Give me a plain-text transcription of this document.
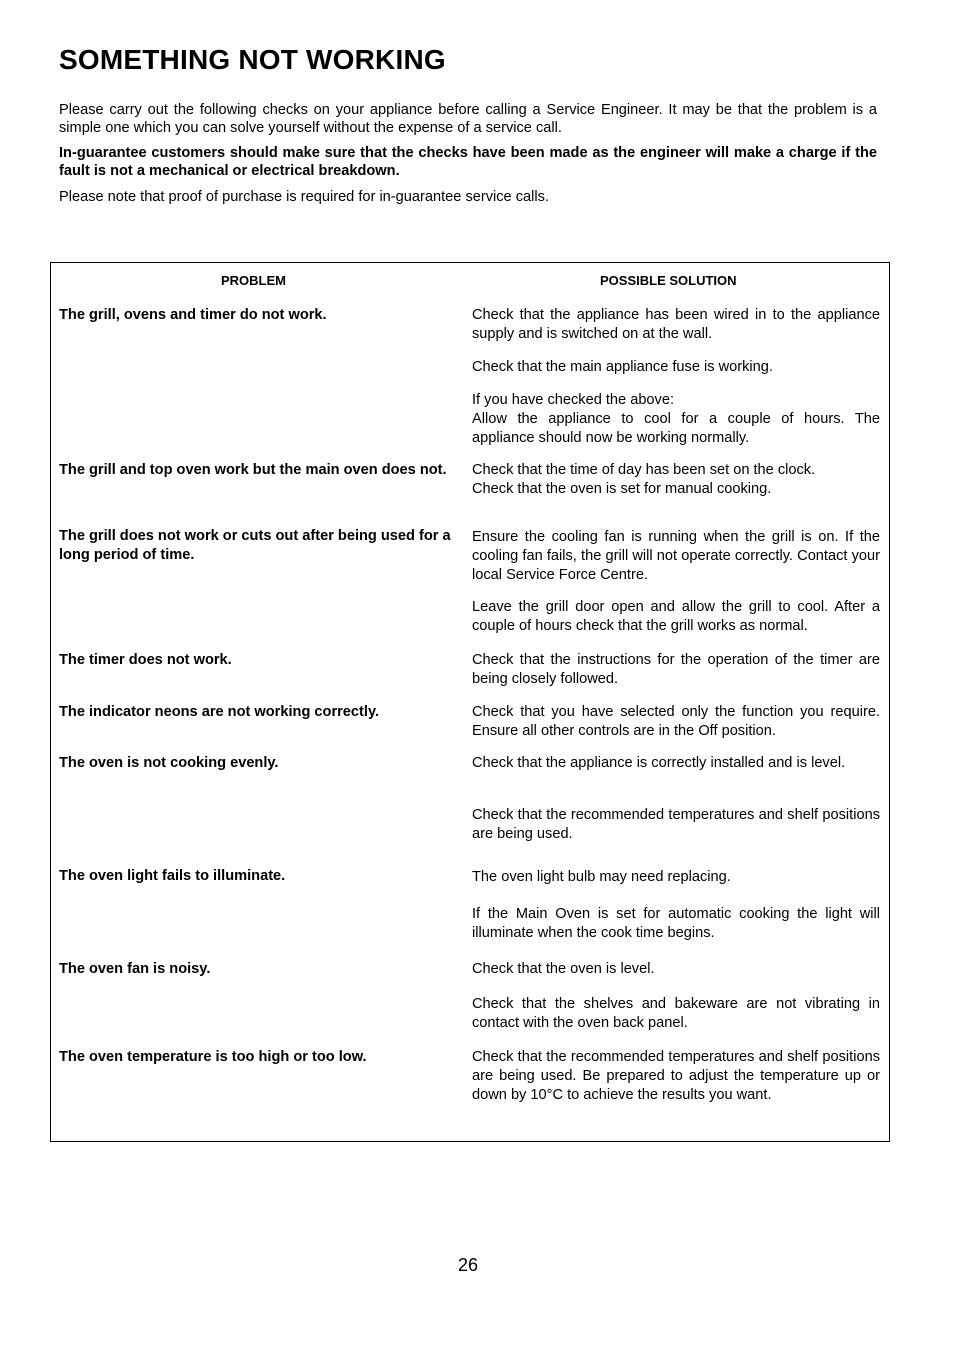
SOMETHING NOT WORKING

Please carry out the following checks on your appliance before calling a Service Engineer. It may be that the problem is a simple one which you can solve yourself without the expense of a service call.

In-guarantee customers should make sure that the checks have been made as the engineer will make a charge if the fault is not a mechanical or electrical breakdown.

Please note that proof of purchase is required for in-guarantee service calls.

PROBLEM	POSSIBLE SOLUTION

The grill, ovens and timer do not work.

The grill and top oven work but the main oven does not.

The grill does not work or cuts out after being used for a long period of time.

The timer does not work.

The indicator neons are not working correctly.

The oven is not cooking evenly.

The oven light fails to illuminate.

The oven fan is noisy.

The oven temperature is too high or too low.

Check that the appliance has been wired in to the appliance supply and is switched on at the wall.

Check that the main appliance fuse is working.

If you have checked the above:

Allow the appliance to cool for a couple of hours. The appliance should now be working normally.

Check that the time of day has been set on the clock.

Check that the oven is set for manual cooking.

Ensure the cooling fan is running when the grill is on. If the cooling fan fails, the grill will not operate correctly. Contact your local Service Force Centre.

Leave the grill door open and allow the grill to cool. After a couple of hours check that the grill works as normal.

Check that the instructions for the operation of the timer are being closely followed.

Check that you have selected only the function you require. Ensure all other controls are in the Off position.

Check that the appliance is correctly installed and is level.

Check that the recommended temperatures and shelf positions are being used.

The oven light bulb may need replacing.

If the Main Oven is set for automatic cooking the light will illuminate when the cook time begins.

Check that the oven is level.

Check that the shelves and bakeware are not vibrating in contact with the oven back panel.

Check that the recommended temperatures and shelf positions are being used. Be prepared to adjust the temperature up or down by 10°C to achieve the results you want.

26
